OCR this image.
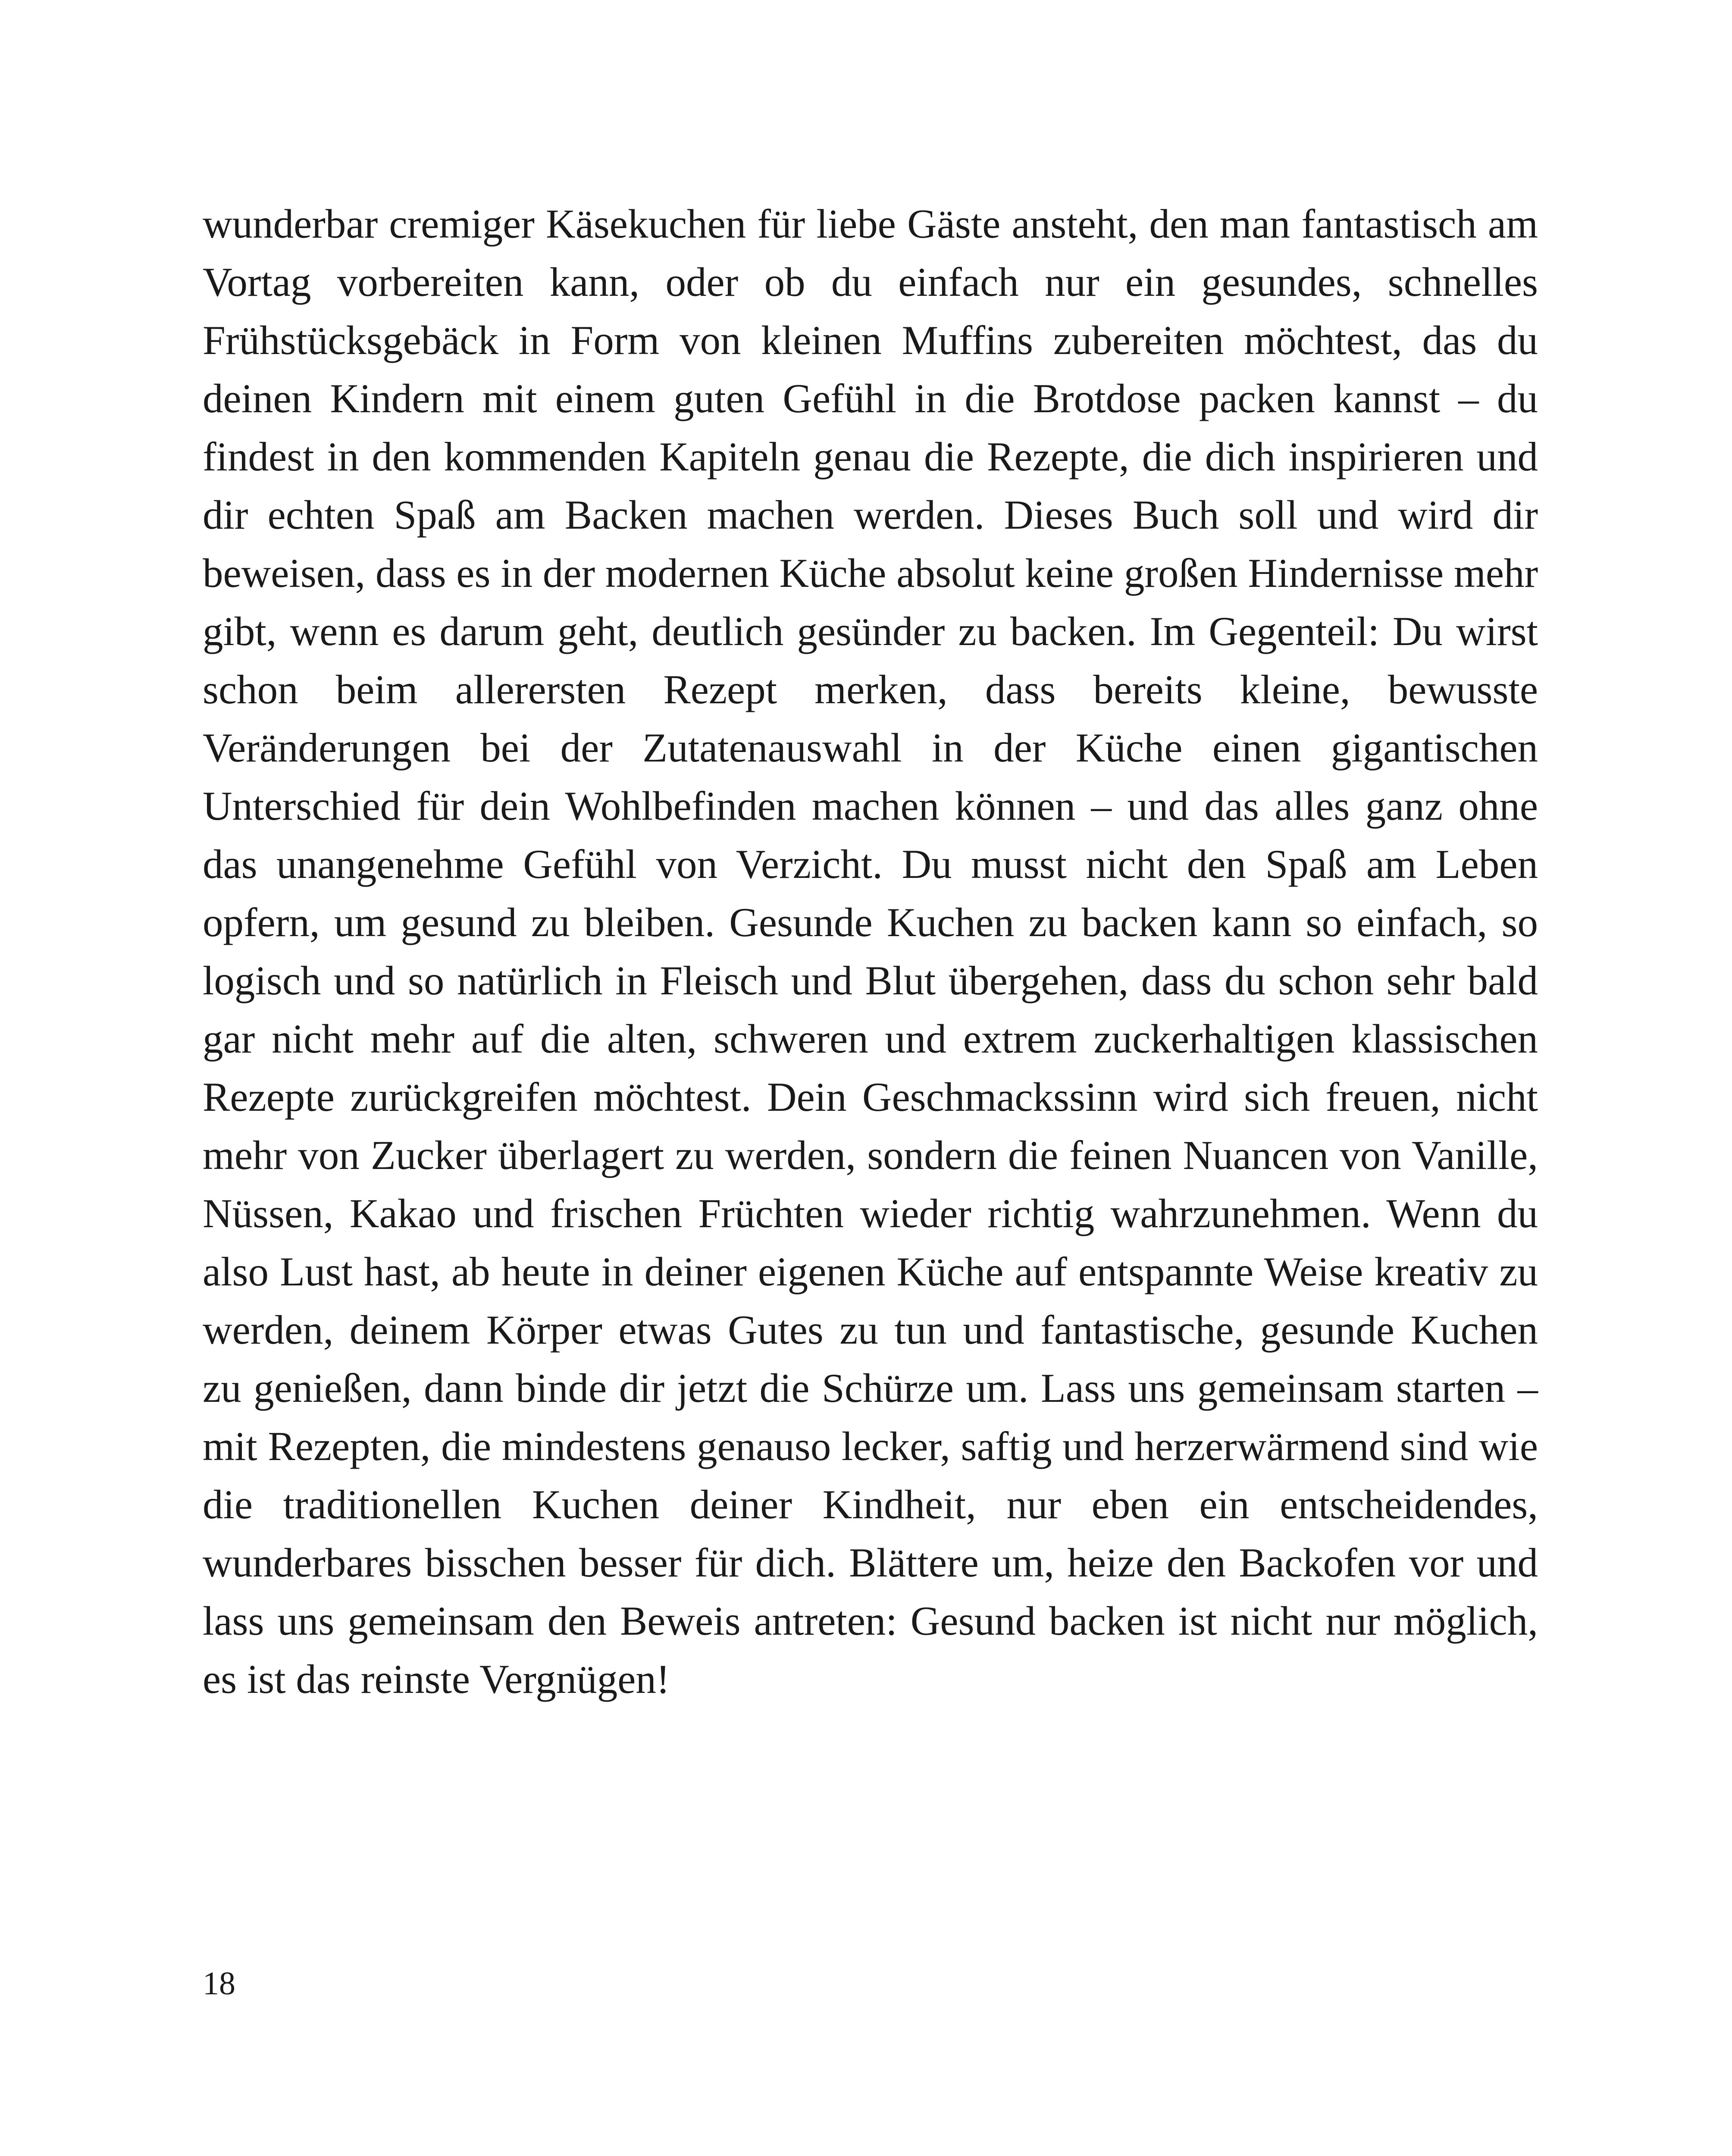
wunderbar cremiger Käsekuchen für liebe Gäste ansteht, den man fantastisch am
Vortag vorbereiten kann, oder ob du einfach nur ein gesundes, schnelles
Frühstücksgebäck in Form von kleinen Muffins zubereiten möchtest, das du
deinen Kindern mit einem guten Gefühl in die Brotdose packen kannst – du
findest in den kommenden Kapiteln genau die Rezepte, die dich inspirieren und
dir echten Spaß am Backen machen werden. Dieses Buch soll und wird dir
beweisen, dass es in der modernen Küche absolut keine großen Hindernisse mehr
gibt, wenn es darum geht, deutlich gesünder zu backen. Im Gegenteil: Du wirst
schon beim allerersten Rezept merken, dass bereits kleine, bewusste
Veränderungen bei der Zutatenauswahl in der Küche einen gigantischen
Unterschied für dein Wohlbefinden machen können – und das alles ganz ohne
das unangenehme Gefühl von Verzicht. Du musst nicht den Spaß am Leben
opfern, um gesund zu bleiben. Gesunde Kuchen zu backen kann so einfach, so
logisch und so natürlich in Fleisch und Blut übergehen, dass du schon sehr bald
gar nicht mehr auf die alten, schweren und extrem zuckerhaltigen klassischen
Rezepte zurückgreifen möchtest. Dein Geschmackssinn wird sich freuen, nicht
mehr von Zucker überlagert zu werden, sondern die feinen Nuancen von Vanille,
Nüssen, Kakao und frischen Früchten wieder richtig wahrzunehmen. Wenn du
also Lust hast, ab heute in deiner eigenen Küche auf entspannte Weise kreativ zu
werden, deinem Körper etwas Gutes zu tun und fantastische, gesunde Kuchen
zu genießen, dann binde dir jetzt die Schürze um. Lass uns gemeinsam starten –
mit Rezepten, die mindestens genauso lecker, saftig und herzerwärmend sind wie
die traditionellen Kuchen deiner Kindheit, nur eben ein entscheidendes,
wunderbares bisschen besser für dich. Blättere um, heize den Backofen vor und
lass uns gemeinsam den Beweis antreten: Gesund backen ist nicht nur möglich,
es ist das reinste Vergnügen!

18
